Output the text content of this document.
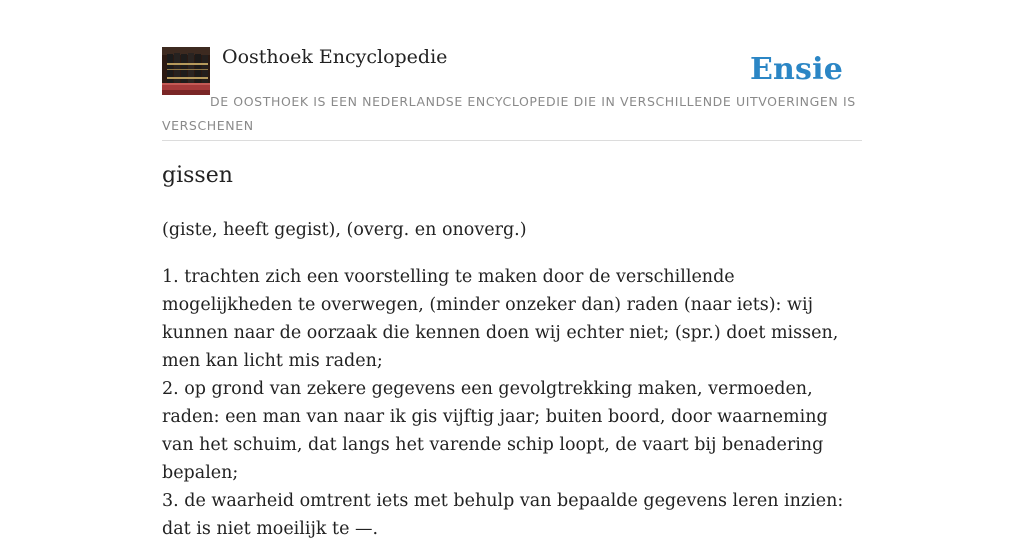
Oosthoek Encyclopedie	Ensie
DE OOSTHOEK IS EEN NEDERLANDSE ENCYCLOPEDIE DIE IN VERSCHILLENDE UITVOERINGEN IS VERSCHENEN
gissen
(giste, heeft gegist), (overg. en onoverg.)

1. trachten zich een voorstelling te maken door de verschillende mogelijkheden te overwegen, (minder onzeker dan) raden (naar iets): wij kunnen naar de oorzaak die kennen doen wij echter niet; (spr.) doet missen, men kan licht mis raden;

2. op grond van zekere gegevens een gevolgtrekking maken, vermoeden, raden: een man van naar ik gis vijftig jaar; buiten boord, door waarneming van het schuim, dat langs het varende schip loopt, de vaart bij benadering bepalen;

3. de waarheid omtrent iets met behulp van bepaalde gegevens leren inzien: dat is niet moeilijk te —.
